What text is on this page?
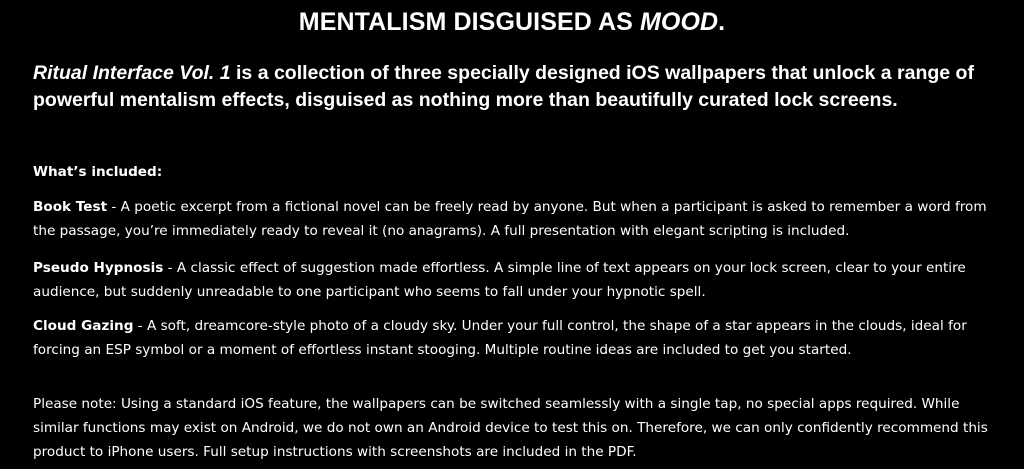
MENTALISM DISGUISED AS MOOD.

Ritual Interface Vol. 1 is a collection of three specially designed iOS wallpapers that unlock a range of powerful mentalism effects, disguised as nothing more than beautifully curated lock screens.

What’s included:

Book Test - A poetic excerpt from a fictional novel can be freely read by anyone. But when a participant is asked to remember a word from the passage, you’re immediately ready to reveal it (no anagrams). A full presentation with elegant scripting is included.

Pseudo Hypnosis - A classic effect of suggestion made effortless. A simple line of text appears on your lock screen, clear to your entire audience, but suddenly unreadable to one participant who seems to fall under your hypnotic spell.

Cloud Gazing - A soft, dreamcore-style photo of a cloudy sky. Under your full control, the shape of a star appears in the clouds, ideal for forcing an ESP symbol or a moment of effortless instant stooging. Multiple routine ideas are included to get you started.

Please note: Using a standard iOS feature, the wallpapers can be switched seamlessly with a single tap, no special apps required. While similar functions may exist on Android, we do not own an Android device to test this on. Therefore, we can only confidently recommend this product to iPhone users. Full setup instructions with screenshots are included in the PDF.
